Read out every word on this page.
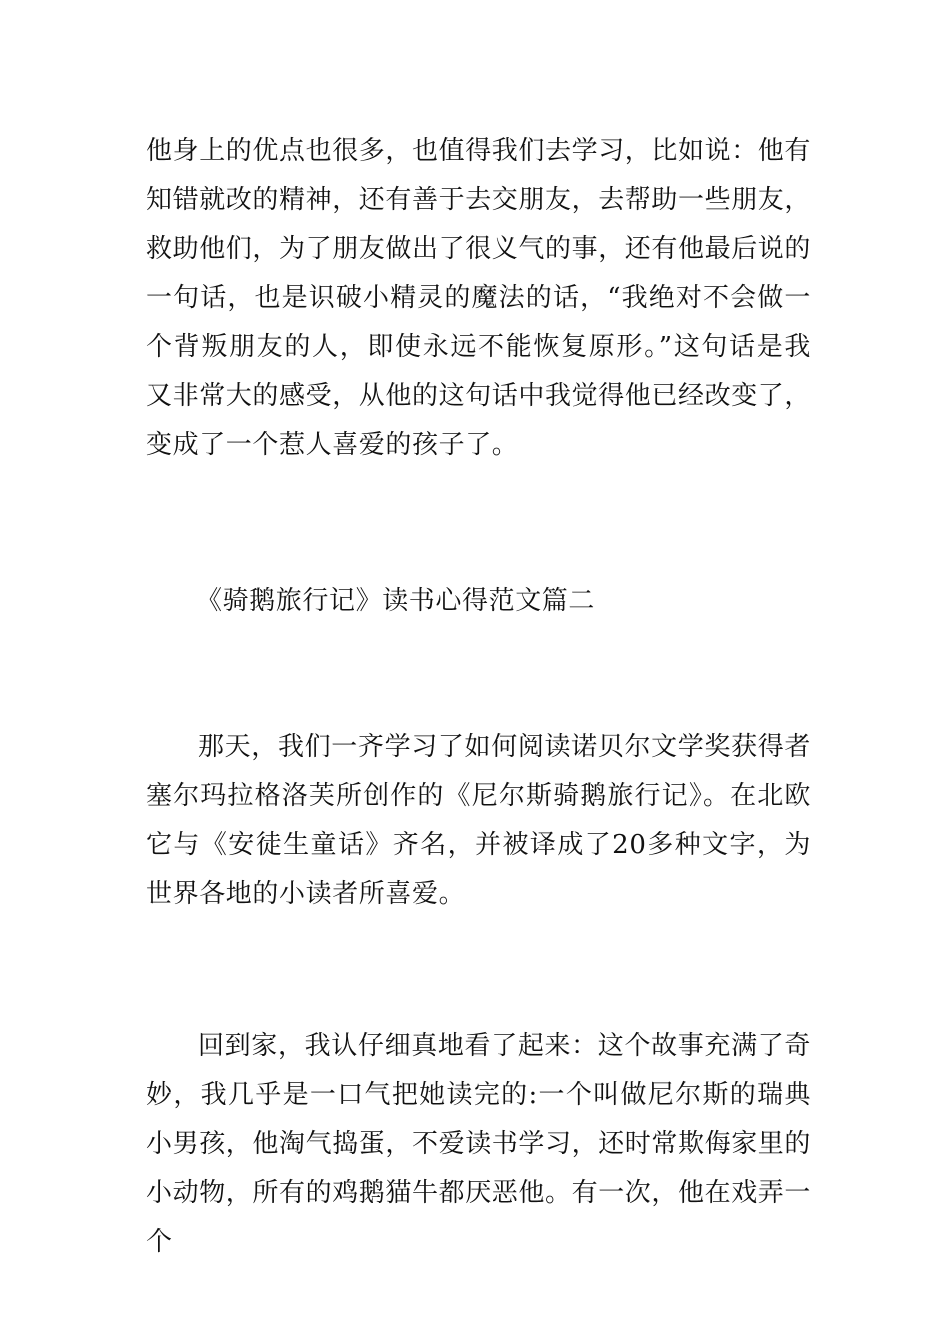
他身上的优点也很多，也值得我们去学习，比如说：他有知错就改的精神，还有善于去交朋友，去帮助一些朋友，救助他们，为了朋友做出了很义气的事，还有他最后说的一句话，也是识破小精灵的魔法的话，“我绝对不会做一个背叛朋友的人，即使永远不能恢复原形。”这句话是我又非常大的感受，从他的这句话中我觉得他已经改变了，变成了一个惹人喜爱的孩子了。

《骑鹅旅行记》读书心得范文篇二

那天，我们一齐学习了如何阅读诺贝尔文学奖获得者塞尔玛拉格洛芙所创作的《尼尔斯骑鹅旅行记》。在北欧它与《安徒生童话》齐名，并被译成了20多种文字，为世界各地的小读者所喜爱。

回到家，我认仔细真地看了起来：这个故事充满了奇妙，我几乎是一口气把她读完的:一个叫做尼尔斯的瑞典小男孩，他淘气捣蛋，不爱读书学习，还时常欺侮家里的小动物，所有的鸡鹅猫牛都厌恶他。有一次，他在戏弄一个
